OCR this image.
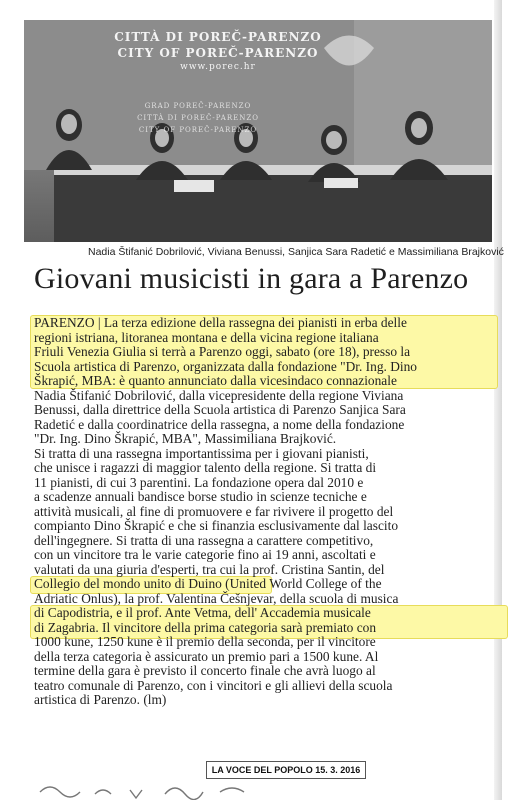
CITTÀ DI POREČ-PARENZO
CITY OF POREČ-PARENZO
www.porec.hr
GRAD POREČ-PARENZO
CITTÀ DI POREČ-PARENZO
CITY OF POREČ-PARENZO
Nadia Štifanić Dobrilović, Viviana Benussi, Sanjica Sara Radetić e Massimiliana Brajković
Giovani musicisti in gara a Parenzo
PARENZO | La terza edizione della rassegna dei pianisti in erba delle
regioni istriana, litoranea montana e della vicina regione italiana
Friuli Venezia Giulia si terrà a Parenzo oggi, sabato (ore 18), presso la
Scuola artistica di Parenzo, organizzata dalla fondazione "Dr. Ing. Dino
Škrapić, MBA: è quanto annunciato dalla vicesindaco connazionale
Nadia Štifanić Dobrilović, dalla vicepresidente della regione Viviana
Benussi, dalla direttrice della Scuola artistica di Parenzo Sanjica Sara
Radetić e dalla coordinatrice della rassegna, a nome della fondazione
"Dr. Ing. Dino Škrapić, MBA", Massimiliana Brajković.
Si tratta di una rassegna importantissima per i giovani pianisti,
che unisce i ragazzi di maggior talento della regione. Si tratta di
11 pianisti, di cui 3 parentini. La fondazione opera dal 2010 e
a scadenze annuali bandisce borse studio in scienze tecniche e
attività musicali, al fine di promuovere e far rivivere il progetto del
compianto Dino Škrapić e che si finanzia esclusivamente dal lascito
dell'ingegnere. Si tratta di una rassegna a carattere competitivo,
con un vincitore tra le varie categorie fino ai 19 anni, ascoltati e
valutati da una giuria d'esperti, tra cui la prof. Cristina Santin, del
Collegio del mondo unito di Duino (United World College of the
Adriatic Onlus), la prof. Valentina Češnjevar, della scuola di musica
di Capodistria, e il prof. Ante Vetma, dell' Accademia musicale
di Zagabria. Il vincitore della prima categoria sarà premiato con
1000 kune, 1250 kune è il premio della seconda, per il vincitore
della terza categoria è assicurato un premio pari a 1500 kune. Al
termine della gara è previsto il concerto finale che avrà luogo al
teatro comunale di Parenzo, con i vincitori e gli allievi della scuola
artistica di Parenzo. (lm)
LA VOCE DEL POPOLO 15. 3. 2016
